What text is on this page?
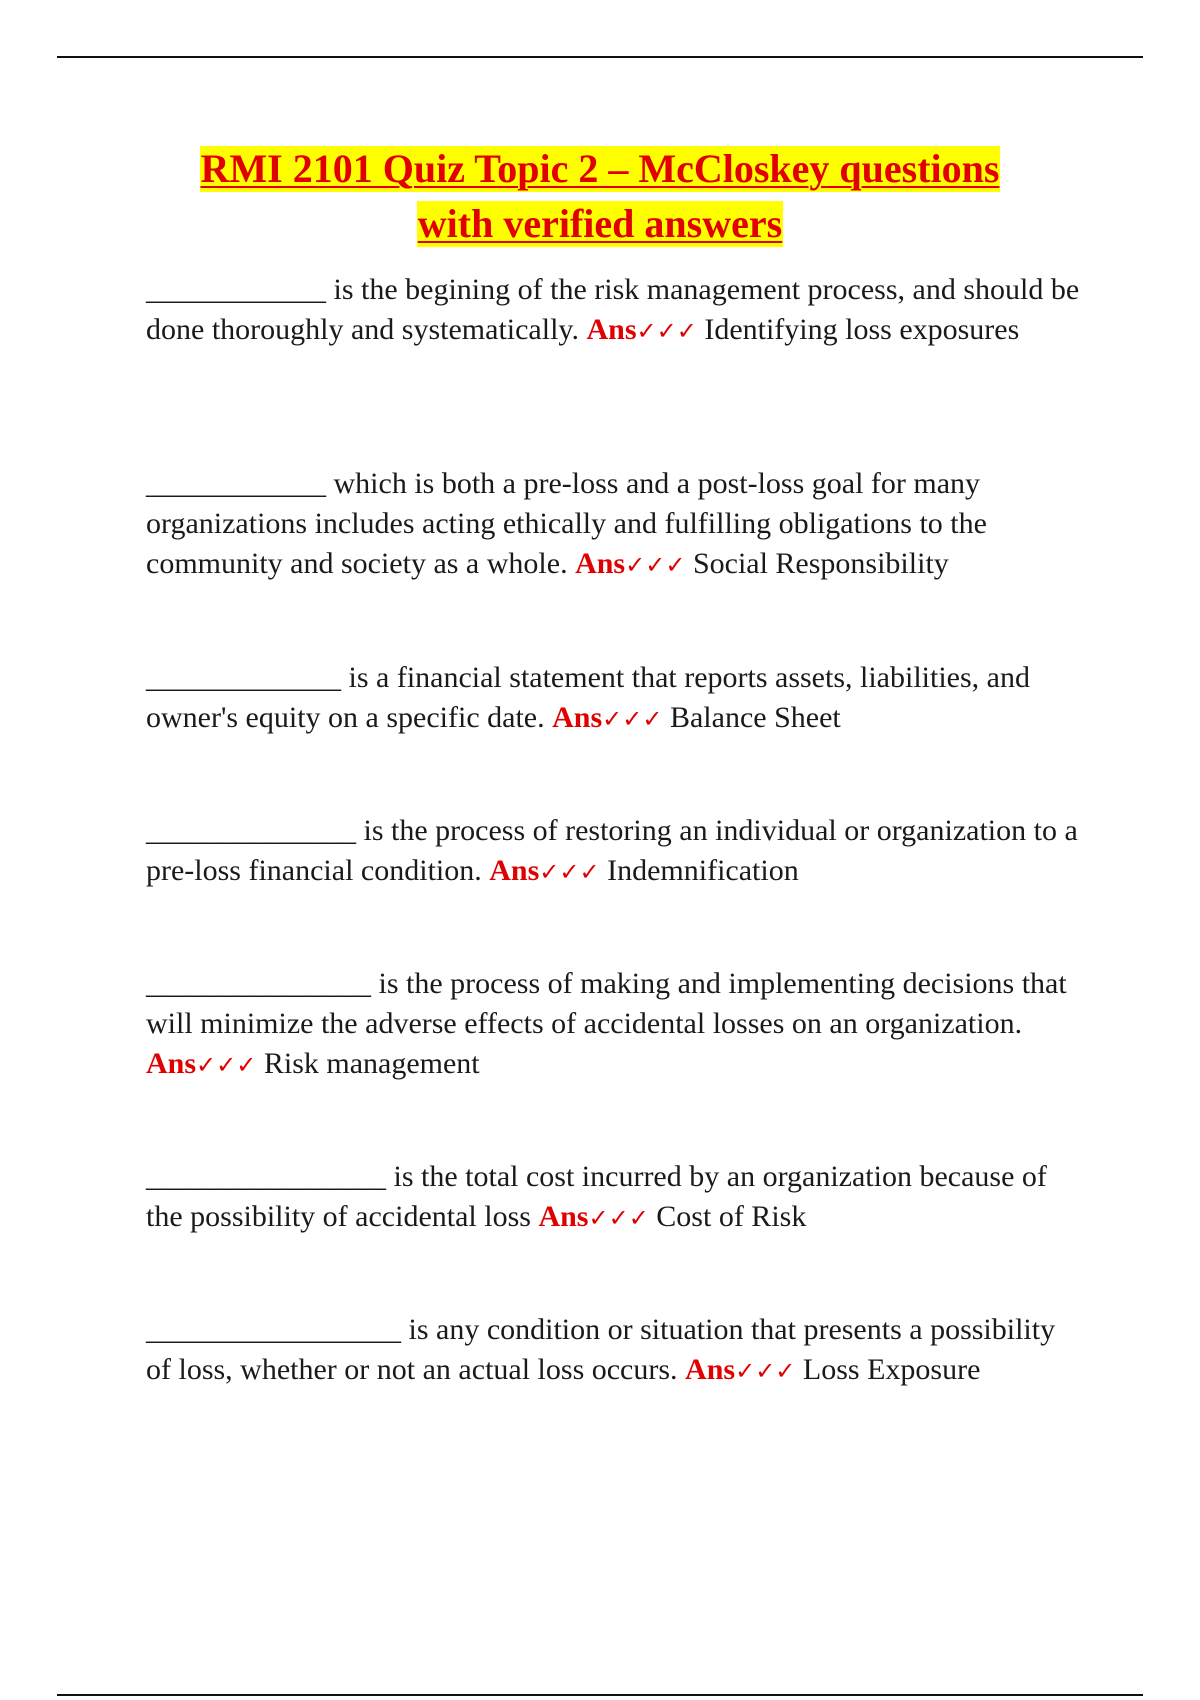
RMI 2101 Quiz Topic 2 – McCloskey questions
with verified answers

____________ is the begining of the risk management process, and should be done thoroughly and systematically. Ans✓✓✓ Identifying loss exposures

____________ which is both a pre-loss and a post-loss goal for many organizations includes acting ethically and fulfilling obligations to the community and society as a whole. Ans✓✓✓ Social Responsibility

_____________ is a financial statement that reports assets, liabilities, and owner's equity on a specific date. Ans✓✓✓ Balance Sheet

______________ is the process of restoring an individual or organization to a pre-loss financial condition. Ans✓✓✓ Indemnification

_______________ is the process of making and implementing decisions that will minimize the adverse effects of accidental losses on an organization. Ans✓✓✓ Risk management

________________ is the total cost incurred by an organization because of the possibility of accidental loss Ans✓✓✓ Cost of Risk

_________________ is any condition or situation that presents a possibility of loss, whether or not an actual loss occurs. Ans✓✓✓ Loss Exposure
